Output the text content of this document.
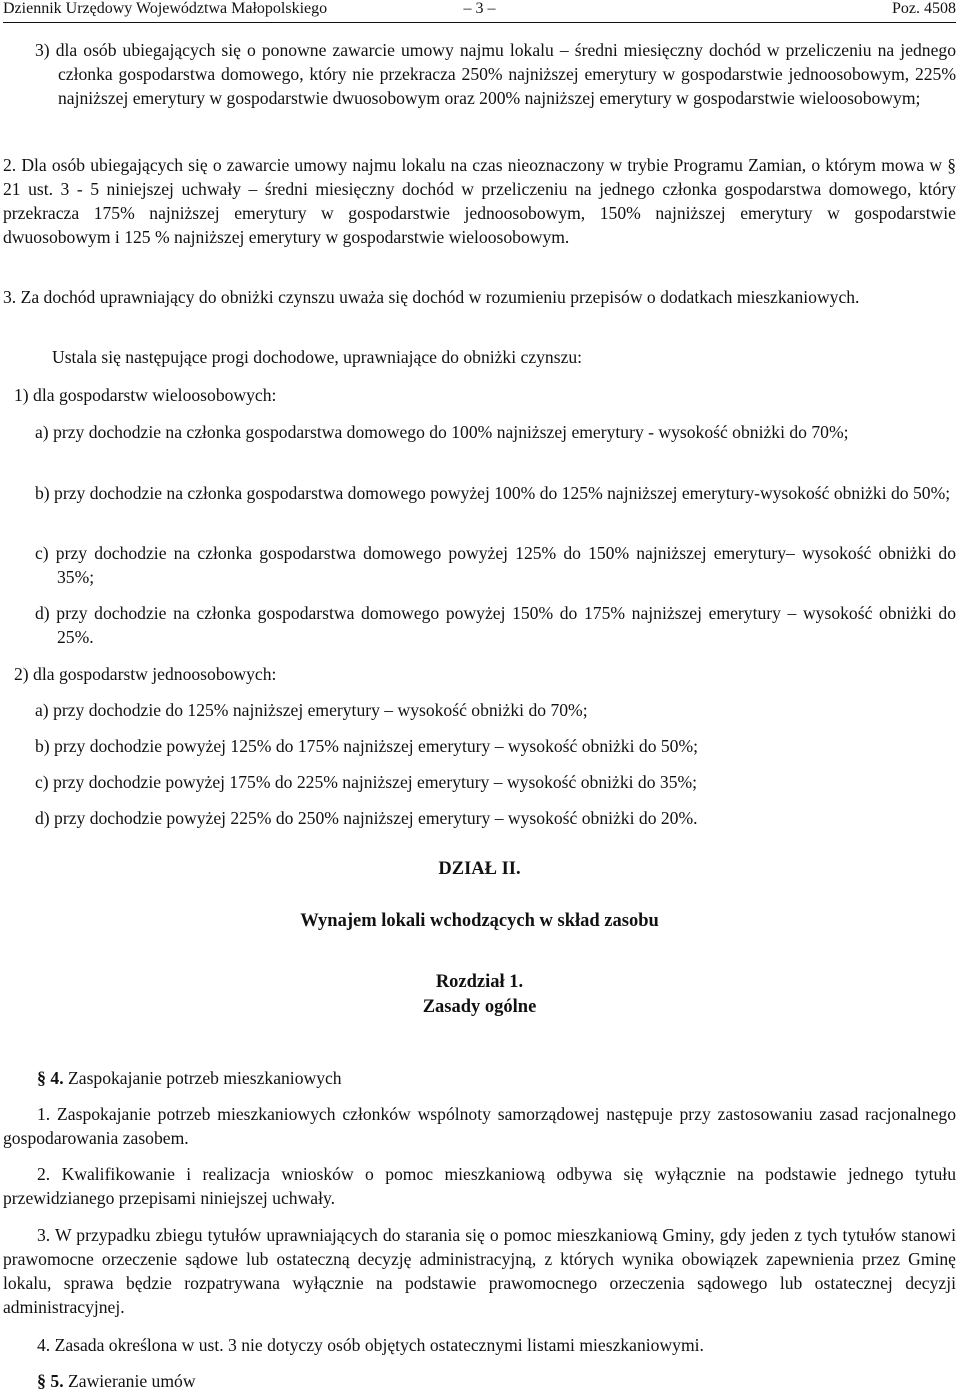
Dziennik Urzędowy Województwa Małopolskiego	– 3 –	Poz. 4508

3) dla osób ubiegających się o ponowne zawarcie umowy najmu lokalu – średni miesięczny dochód w przeliczeniu na jednego członka gospodarstwa domowego, który nie przekracza 250% najniższej emerytury w gospodarstwie jednoosobowym, 225% najniższej emerytury w gospodarstwie dwuosobowym oraz 200% najniższej emerytury w gospodarstwie wieloosobowym;

2. Dla osób ubiegających się o zawarcie umowy najmu lokalu na czas nieoznaczony w trybie Programu Zamian, o którym mowa w § 21 ust. 3 - 5 niniejszej uchwały – średni miesięczny dochód w przeliczeniu na jednego członka gospodarstwa domowego, który przekracza 175% najniższej emerytury w gospodarstwie jednoosobowym, 150% najniższej emerytury w gospodarstwie dwuosobowym i 125 % najniższej emerytury w gospodarstwie wieloosobowym.

3. Za dochód uprawniający do obniżki czynszu uważa się dochód w rozumieniu przepisów o dodatkach mieszkaniowych.

Ustala się następujące progi dochodowe, uprawniające do obniżki czynszu:

1) dla gospodarstw wieloosobowych:

a) przy dochodzie na członka gospodarstwa domowego do 100% najniższej emerytury - wysokość obniżki do 70%;

b) przy dochodzie na członka gospodarstwa domowego powyżej 100% do 125% najniższej emerytury-wysokość obniżki do 50%;

c) przy dochodzie na członka gospodarstwa domowego powyżej 125% do 150% najniższej emerytury– wysokość obniżki do 35%;

d) przy dochodzie na członka gospodarstwa domowego powyżej 150% do 175% najniższej emerytury – wysokość obniżki do 25%.

2) dla gospodarstw jednoosobowych:

a) przy dochodzie do 125% najniższej emerytury – wysokość obniżki do 70%;

b) przy dochodzie powyżej 125% do 175% najniższej emerytury – wysokość obniżki do 50%;

c) przy dochodzie powyżej 175% do 225% najniższej emerytury – wysokość obniżki do 35%;

d) przy dochodzie powyżej 225% do 250% najniższej emerytury – wysokość obniżki do 20%.

DZIAŁ II.

Wynajem lokali wchodzących w skład zasobu

Rozdział 1.

Zasady ogólne

§ 4. Zaspokajanie potrzeb mieszkaniowych

1. Zaspokajanie potrzeb mieszkaniowych członków wspólnoty samorządowej następuje przy zastosowaniu zasad racjonalnego gospodarowania zasobem.

2. Kwalifikowanie i realizacja wniosków o pomoc mieszkaniową odbywa się wyłącznie na podstawie jednego tytułu przewidzianego przepisami niniejszej uchwały.

3. W przypadku zbiegu tytułów uprawniających do starania się o pomoc mieszkaniową Gminy, gdy jeden z tych tytułów stanowi prawomocne orzeczenie sądowe lub ostateczną decyzję administracyjną, z których wynika obowiązek zapewnienia przez Gminę lokalu, sprawa będzie rozpatrywana wyłącznie na podstawie prawomocnego orzeczenia sądowego lub ostatecznej decyzji administracyjnej.

4. Zasada określona w ust. 3 nie dotyczy osób objętych ostatecznymi listami mieszkaniowymi.

§ 5. Zawieranie umów
